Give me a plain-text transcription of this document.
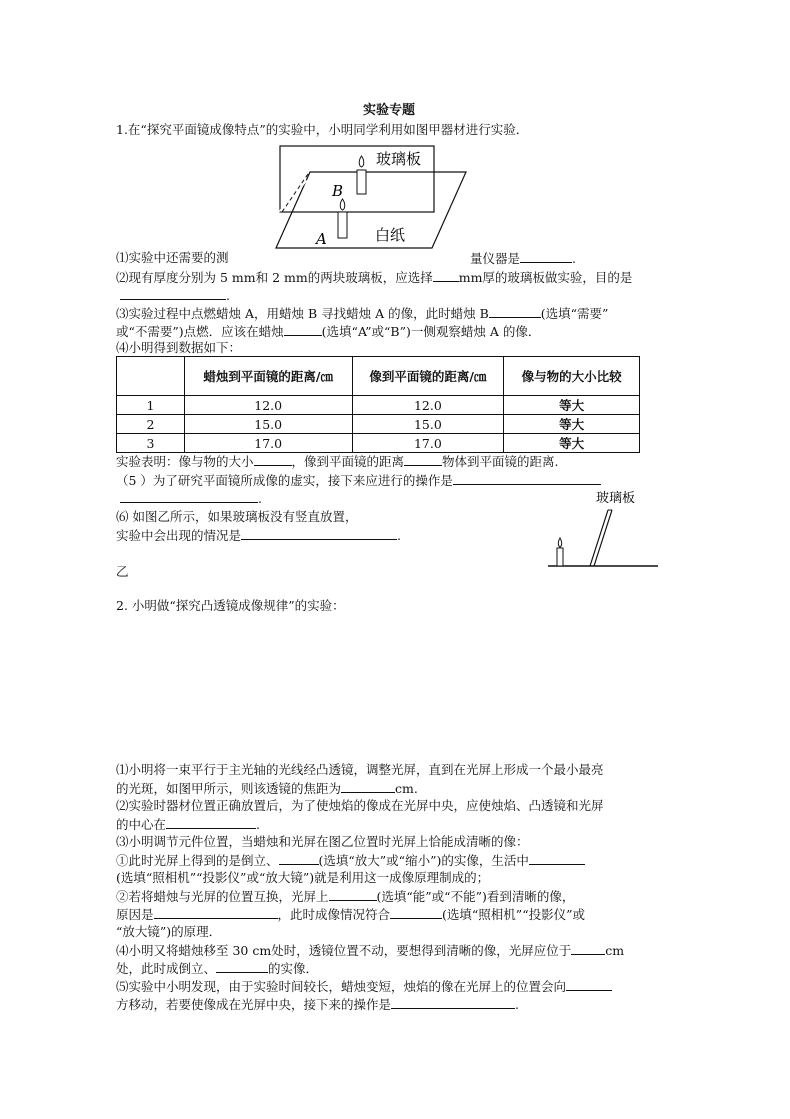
实验专题
1.在“探究平面镜成像特点”的实验中，小明同学利用如图甲器材进行实验．
玻璃板
B
A	白纸
⑴实验中还需要的测	量仪器是	.
⑵现有厚度分别为 5 mm和 2 mm的两块玻璃板，应选择 mm厚的玻璃板做实验，目的是
.
⑶实验过程中点燃蜡烛 A，用蜡烛 B 寻找蜡烛 A 的像，此时蜡烛 B	(选填“需要”
或“不需要”)点燃．应该在蜡烛	(选填“A”或“B”)一侧观察蜡烛 A 的像．
⑷小明得到数据如下：
	蜡烛到平面镜的距离/㎝	像到平面镜的距离/㎝	像与物的大小比较
1	12.0	12.0	等大
2	15.0	15.0	等大
3	17.0	17.0	等大
实验表明：像与物的大小	，像到平面镜的距离	物体到平面镜的距离.
（5 ）为了研究平面镜所成像的虚实，接下来应进行的操作是
.
⑹ 如图乙所示，如果玻璃板没有竖直放置，
实验中会出现的情况是	.
玻璃板
乙
2. 小明做“探究凸透镜成像规律”的实验：
⑴小明将一束平行于主光轴的光线经凸透镜，调整光屏，直到在光屏上形成一个最小最亮
的光斑，如图甲所示，则该透镜的焦距为	cm.
⑵实验时器材位置正确放置后，为了使烛焰的像成在光屏中央，应使烛焰、凸透镜和光屏
的中心在	.
⑶小明调节元件位置，当蜡烛和光屏在图乙位置时光屏上恰能成清晰的像：
①此时光屏上得到的是倒立、	(选填“放大”或“缩小”)的实像，生活中
(选填“照相机”“投影仪”或“放大镜”)就是利用这一成像原理制成的；
②若将蜡烛与光屏的位置互换，光屏上	(选填“能”或“不能”)看到清晰的像，
原因是	，此时成像情况符合	(选填“照相机”“投影仪”或
“放大镜”)的原理．
⑷小明又将蜡烛移至 30 cm处时，透镜位置不动，要想得到清晰的像，光屏应位于	cm
处，此时成倒立、	的实像．
⑸实验中小明发现，由于实验时间较长，蜡烛变短，烛焰的像在光屏上的位置会向
方移动，若要使像成在光屏中央，接下来的操作是	.
